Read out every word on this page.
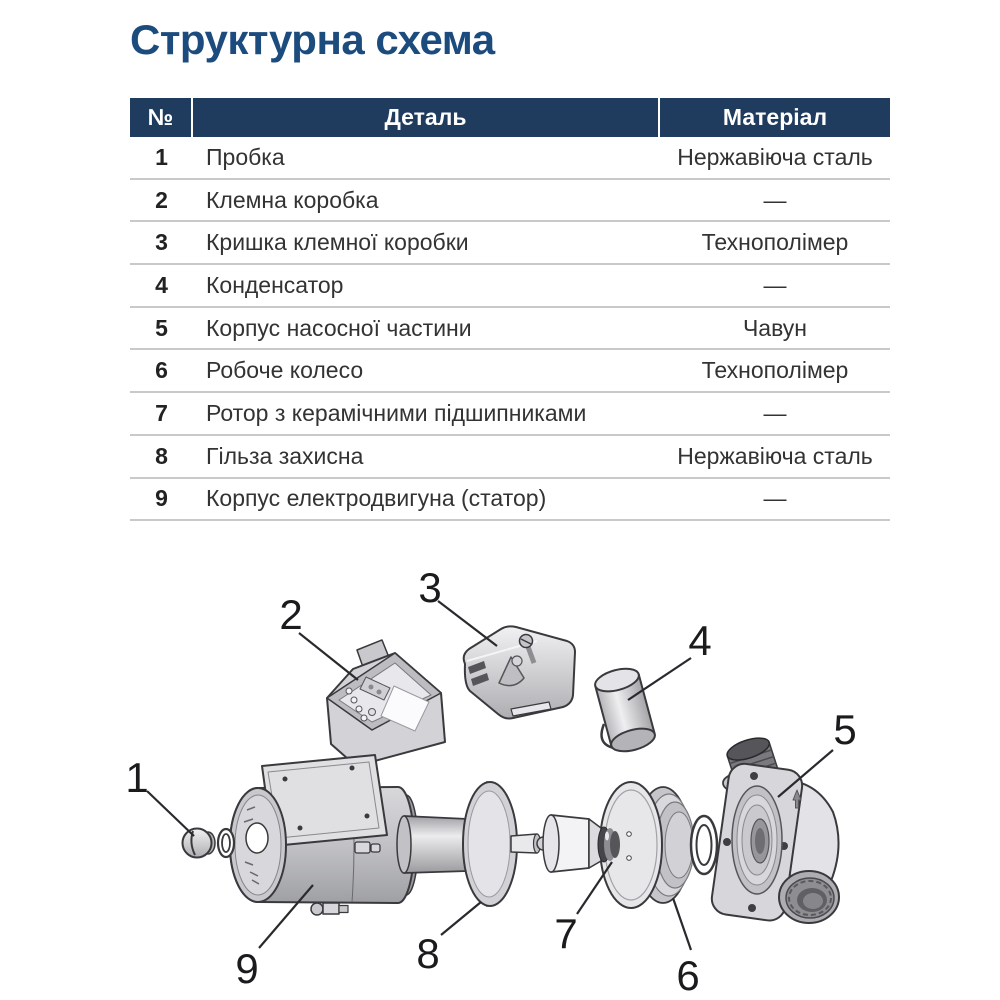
Структурна схема
№	Деталь	Матеріал
1	Пробка	Нержавіюча сталь
2	Клемна коробка	—
3	Кришка клемної коробки	Технополімер
4	Конденсатор	—
5	Корпус насосної частини	Чавун
6	Робоче колесо	Технополімер
7	Ротор з керамічними підшипниками	—
8	Гільза захисна	Нержавіюча сталь
9	Корпус електродвигуна (статор)	—
1
2
3
4
5
6
7
8
9
